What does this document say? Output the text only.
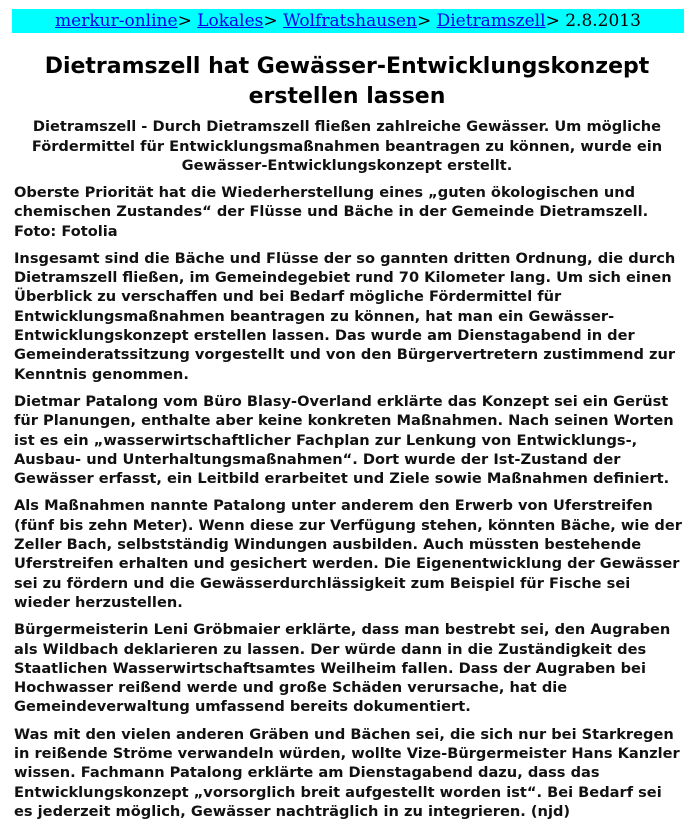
merkur-online> Lokales> Wolfratshausen> Dietramszell> 2.8.2013
Dietramszell hat Gewässer-Entwicklungskonzept erstellen lassen

Dietramszell - Durch Dietramszell fließen zahlreiche Gewässer. Um mögliche Fördermittel für Entwicklungsmaßnahmen beantragen zu können, wurde ein Gewässer-Entwicklungskonzept erstellt.

Oberste Priorität hat die Wiederherstellung eines „guten ökologischen und chemischen Zustandes“ der Flüsse und Bäche in der Gemeinde Dietramszell. Foto: Fotolia

Insgesamt sind die Bäche und Flüsse der so gannten dritten Ordnung, die durch Dietramszell fließen, im Gemeindegebiet rund 70 Kilometer lang. Um sich einen Überblick zu verschaffen und bei Bedarf mögliche Fördermittel für Entwicklungsmaßnahmen beantragen zu können, hat man ein Gewässer-Entwicklungskonzept erstellen lassen. Das wurde am Dienstagabend in der Gemeinderatssitzung vorgestellt und von den Bürgervertretern zustimmend zur Kenntnis genommen.

Dietmar Patalong vom Büro Blasy-Overland erklärte das Konzept sei ein Gerüst für Planungen, enthalte aber keine konkreten Maßnahmen. Nach seinen Worten ist es ein „wasserwirtschaftlicher Fachplan zur Lenkung von Entwicklungs-, Ausbau- und Unterhaltungsmaßnahmen“. Dort wurde der Ist-Zustand der Gewässer erfasst, ein Leitbild erarbeitet und Ziele sowie Maßnahmen definiert.

Als Maßnahmen nannte Patalong unter anderem den Erwerb von Uferstreifen (fünf bis zehn Meter). Wenn diese zur Verfügung stehen, könnten Bäche, wie der Zeller Bach, selbstständig Windungen ausbilden. Auch müssten bestehende Uferstreifen erhalten und gesichert werden. Die Eigenentwicklung der Gewässer sei zu fördern und die Gewässerdurchlässigkeit zum Beispiel für Fische sei wieder herzustellen.

Bürgermeisterin Leni Gröbmaier erklärte, dass man bestrebt sei, den Augraben als Wildbach deklarieren zu lassen. Der würde dann in die Zuständigkeit des Staatlichen Wasserwirtschaftsamtes Weilheim fallen. Dass der Augraben bei Hochwasser reißend werde und große Schäden verursache, hat die Gemeindeverwaltung umfassend bereits dokumentiert.

Was mit den vielen anderen Gräben und Bächen sei, die sich nur bei Starkregen in reißende Ströme verwandeln würden, wollte Vize-Bürgermeister Hans Kanzler wissen. Fachmann Patalong erklärte am Dienstagabend dazu, dass das Entwicklungskonzept „vorsorglich breit aufgestellt worden ist“. Bei Bedarf sei es jederzeit möglich, Gewässer nachträglich in zu integrieren. (njd)
